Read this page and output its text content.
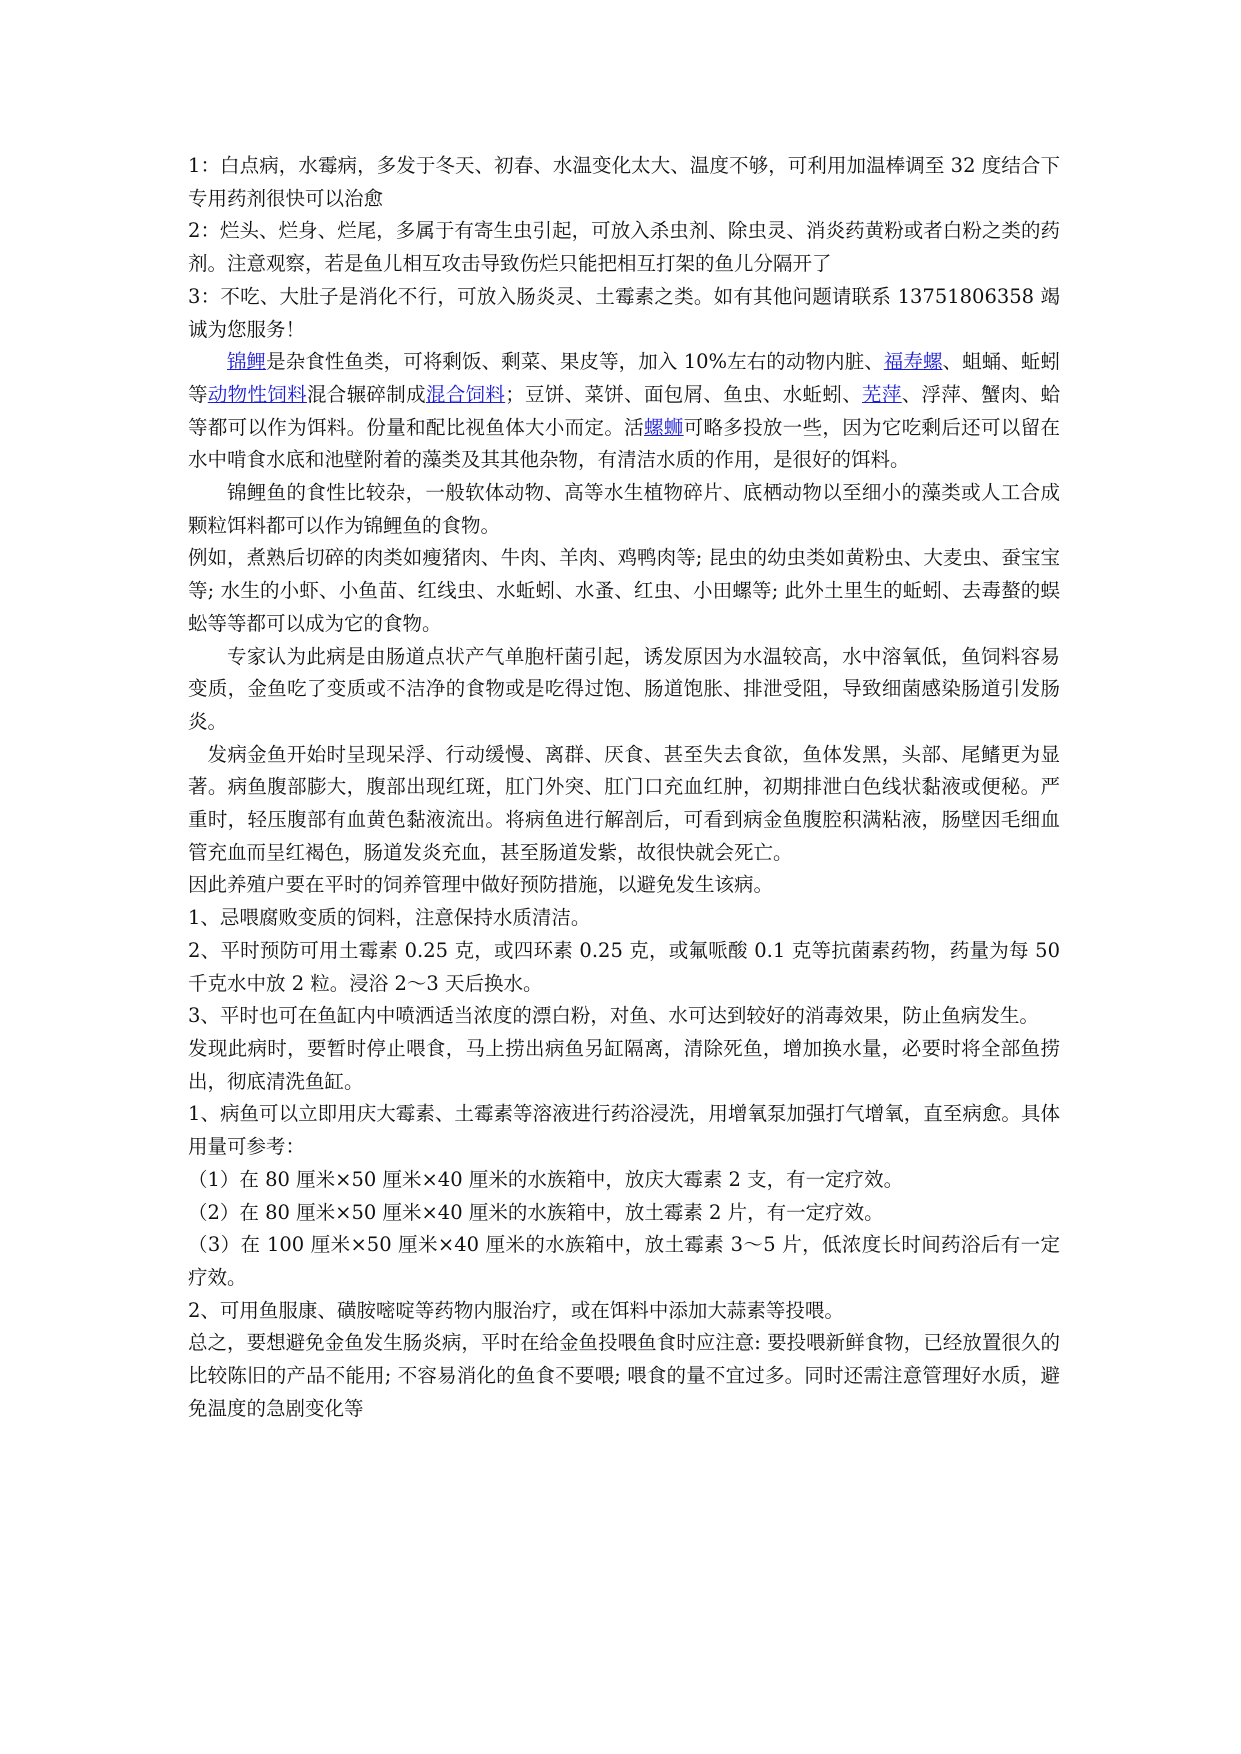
1：白点病，水霉病，多发于冬天、初春、水温变化太大、温度不够，可利用加温棒调至 32 度结合下专用药剂很快可以治愈

2：烂头、烂身、烂尾，多属于有寄生虫引起，可放入杀虫剂、除虫灵、消炎药黄粉或者白粉之类的药剂。注意观察，若是鱼儿相互攻击导致伤烂只能把相互打架的鱼儿分隔开了

3：不吃、大肚子是消化不行，可放入肠炎灵、土霉素之类。如有其他问题请联系 13751806358 竭诚为您服务！

锦鲤是杂食性鱼类，可将剩饭、剩菜、果皮等，加入 10%左右的动物内脏、福寿螺、蛆蛹、蚯蚓等动物性饲料混合辗碎制成混合饲料；豆饼、菜饼、面包屑、鱼虫、水蚯蚓、芜萍、浮萍、蟹肉、蛤等都可以作为饵料。份量和配比视鱼体大小而定。活螺蛳可略多投放一些，因为它吃剩后还可以留在水中啃食水底和池壁附着的藻类及其其他杂物，有清洁水质的作用，是很好的饵料。

锦鲤鱼的食性比较杂，一般软体动物、高等水生植物碎片、底栖动物以至细小的藻类或人工合成颗粒饵料都可以作为锦鲤鱼的食物。

例如，煮熟后切碎的肉类如瘦猪肉、牛肉、羊肉、鸡鸭肉等; 昆虫的幼虫类如黄粉虫、大麦虫、蚕宝宝等; 水生的小虾、小鱼苗、红线虫、水蚯蚓、水蚤、红虫、小田螺等; 此外土里生的蚯蚓、去毒螯的蜈蚣等等都可以成为它的食物。

专家认为此病是由肠道点状产气单胞杆菌引起，诱发原因为水温较高，水中溶氧低，鱼饲料容易变质，金鱼吃了变质或不洁净的食物或是吃得过饱、肠道饱胀、排泄受阻，导致细菌感染肠道引发肠炎。

发病金鱼开始时呈现呆浮、行动缓慢、离群、厌食、甚至失去食欲，鱼体发黑，头部、尾鳍更为显著。病鱼腹部膨大，腹部出现红斑，肛门外突、肛门口充血红肿，初期排泄白色线状黏液或便秘。严重时，轻压腹部有血黄色黏液流出。将病鱼进行解剖后，可看到病金鱼腹腔积满粘液，肠壁因毛细血管充血而呈红褐色，肠道发炎充血，甚至肠道发紫，故很快就会死亡。

因此养殖户要在平时的饲养管理中做好预防措施，以避免发生该病。

1、忌喂腐败变质的饲料，注意保持水质清洁。

2、平时预防可用土霉素 0.25 克，或四环素 0.25 克，或氟哌酸 0.1 克等抗菌素药物，药量为每 50 千克水中放 2 粒。浸浴 2～3 天后换水。

3、平时也可在鱼缸内中喷洒适当浓度的漂白粉，对鱼、水可达到较好的消毒效果，防止鱼病发生。

发现此病时，要暂时停止喂食，马上捞出病鱼另缸隔离，清除死鱼，增加换水量，必要时将全部鱼捞出，彻底清洗鱼缸。

1、病鱼可以立即用庆大霉素、土霉素等溶液进行药浴浸洗，用增氧泵加强打气增氧，直至病愈。具体用量可参考：

（1）在 80 厘米×50 厘米×40 厘米的水族箱中，放庆大霉素 2 支，有一定疗效。

（2）在 80 厘米×50 厘米×40 厘米的水族箱中，放土霉素 2 片，有一定疗效。

（3）在 100 厘米×50 厘米×40 厘米的水族箱中，放土霉素 3～5 片，低浓度长时间药浴后有一定疗效。

2、可用鱼服康、磺胺嘧啶等药物内服治疗，或在饵料中添加大蒜素等投喂。

总之，要想避免金鱼发生肠炎病，平时在给金鱼投喂鱼食时应注意: 要投喂新鲜食物，已经放置很久的比较陈旧的产品不能用; 不容易消化的鱼食不要喂; 喂食的量不宜过多。同时还需注意管理好水质，避免温度的急剧变化等
